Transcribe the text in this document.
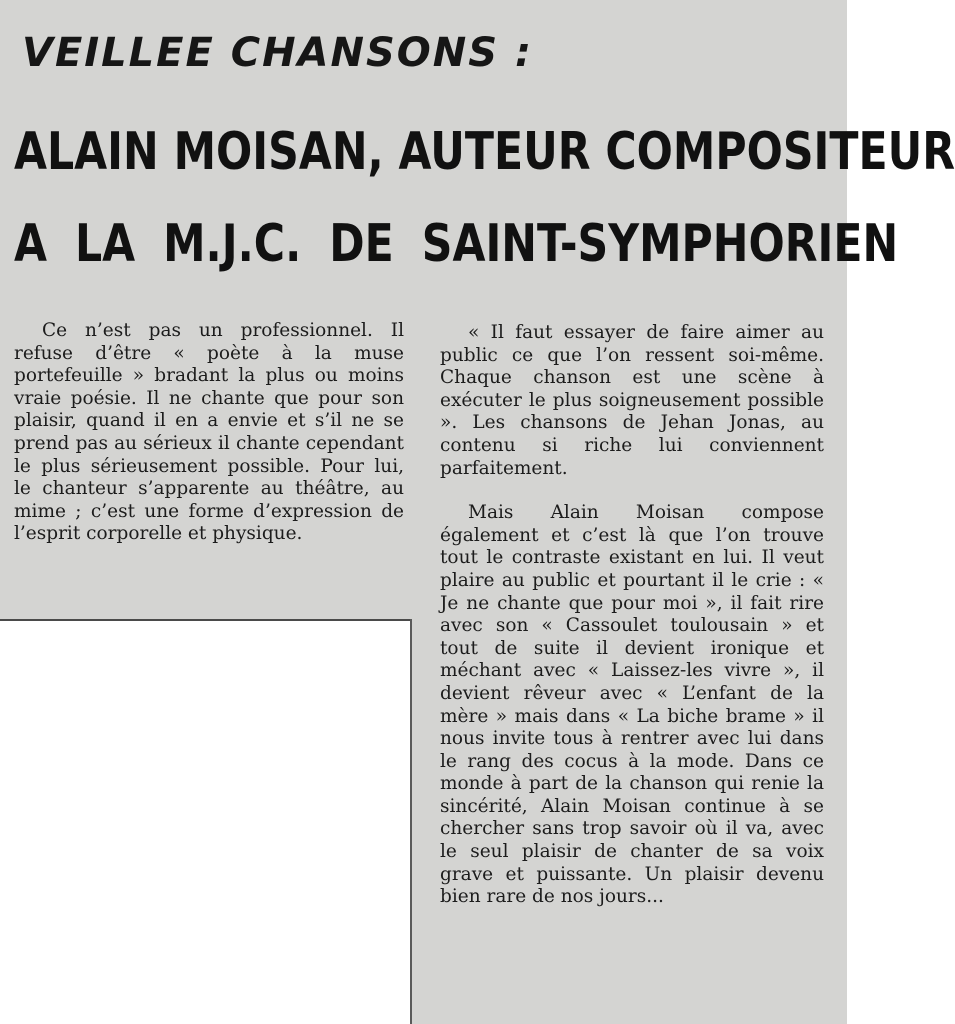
VEILLEE CHANSONS :
ALAIN MOISAN, AUTEUR COMPOSITEUR
A LA M.J.C. DE SAINT-SYMPHORIEN

Ce n’est pas un professionnel. Il refuse d’être « poète à la muse portefeuille » bradant la plus ou moins vraie poésie. Il ne chante que pour son plaisir, quand il en a envie et s’il ne se prend pas au sérieux il chante cependant le plus sérieusement possible. Pour lui, le chanteur s’apparente au théâtre, au mime ; c’est une forme d’expression de l’esprit corporelle et physique.

« Il faut essayer de faire aimer au public ce que l’on ressent soi-même. Chaque chanson est une scène à exécuter le plus soigneusement possible ». Les chansons de Jehan Jonas, au contenu si riche lui conviennent parfaitement.

Mais Alain Moisan compose également et c’est là que l’on trouve tout le contraste existant en lui. Il veut plaire au public et pourtant il le crie : « Je ne chante que pour moi », il fait rire avec son « Cassoulet toulousain » et tout de suite il devient ironique et méchant avec « Laissez-les vivre », il devient rêveur avec « L’enfant de la mère » mais dans « La biche brame » il nous invite tous à rentrer avec lui dans le rang des cocus à la mode. Dans ce monde à part de la chanson qui renie la sincérité, Alain Moisan continue à se chercher sans trop savoir où il va, avec le seul plaisir de chanter de sa voix grave et puissante. Un plaisir devenu bien rare de nos jours...
